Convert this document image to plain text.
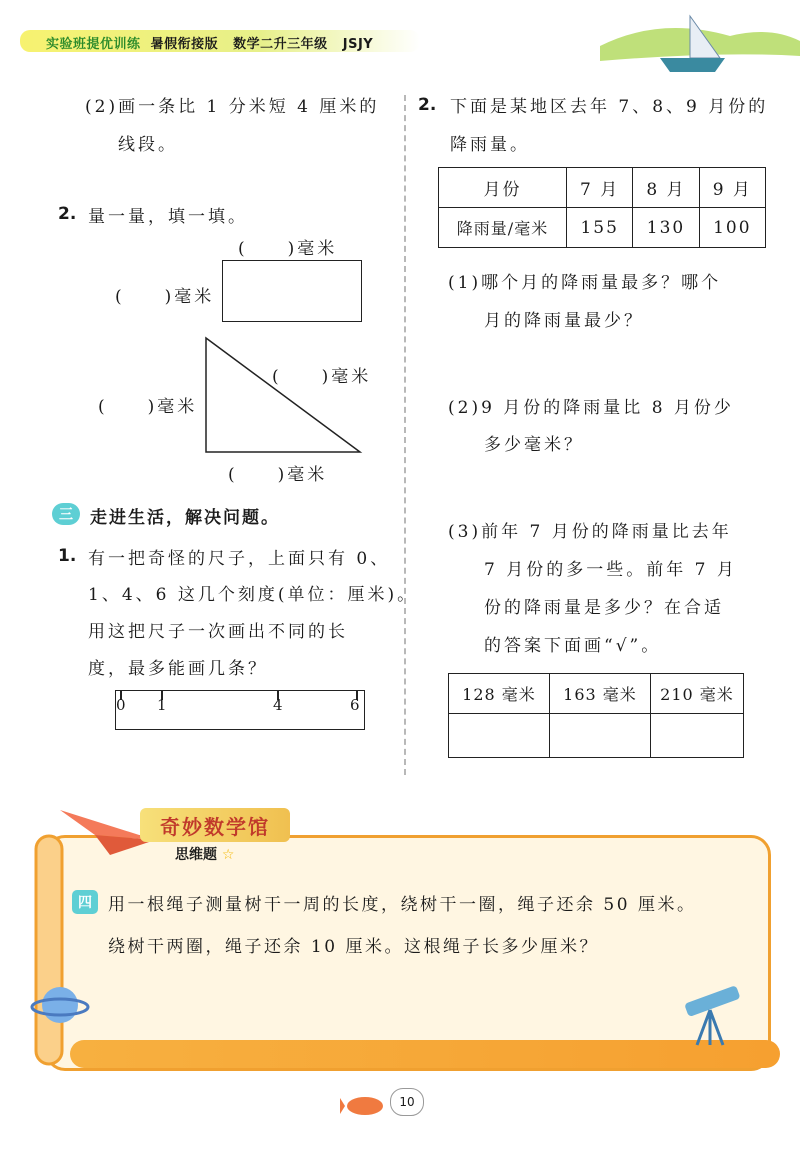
实验班提优训练 暑假衔接版 数学二升三年级 JSJY
(2)画一条比 1 分米短 4 厘米的
线段。
2. 量一量，填一填。
(　　)毫米
(　　)毫米
(　　)毫米
(　　)毫米
(　　)毫米
三	走进生活，解决问题。
1. 有一把奇怪的尺子，上面只有 0、
1、4、6 这几个刻度(单位：厘米)。
用这把尺子一次画出不同的长
度，最多能画几条？
0 1	4	6
2. 下面是某地区去年 7、8、9 月份的
降雨量。
月份	7 月	8 月	9 月
降雨量/毫米	155	130	100
(1)哪个月的降雨量最多？哪个
月的降雨量最少？
(2)9 月份的降雨量比 8 月份少
多少毫米？
(3)前年 7 月份的降雨量比去年
7 月份的多一些。前年 7 月
份的降雨量是多少？在合适
的答案下面画“√”。
128 毫米	163 毫米	210 毫米

奇妙数学馆
思维题 ☆
四 用一根绳子测量树干一周的长度，绕树干一圈，绳子还余 50 厘米。
绕树干两圈，绳子还余 10 厘米。这根绳子长多少厘米？
10
